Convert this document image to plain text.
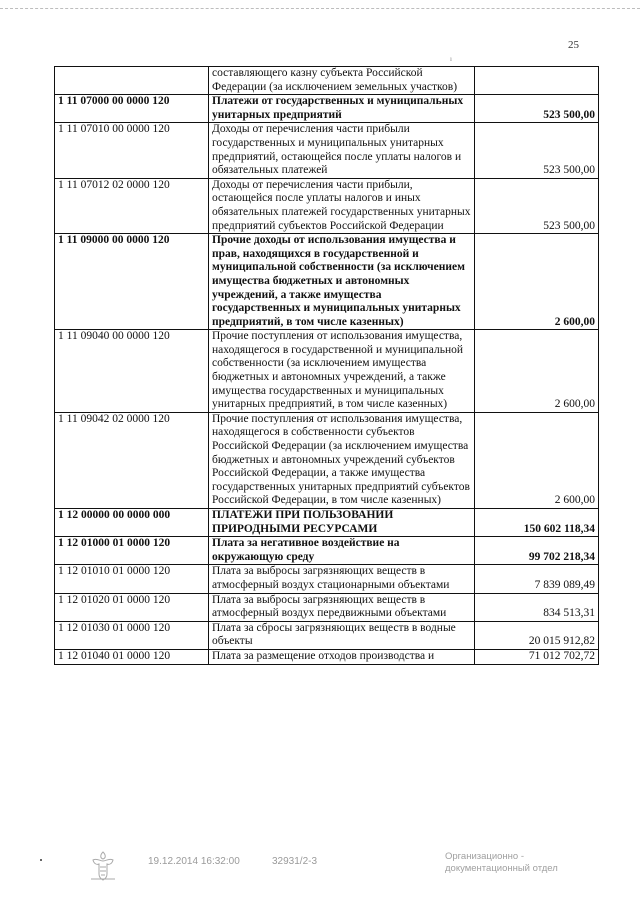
25
ı
	составляющего казну субъекта Российской Федерации (за исключением земельных участков)	
1 11 07000 00 0000 120	Платежи от государственных и муниципальных унитарных предприятий	523 500,00
1 11 07010 00 0000 120	Доходы от перечисления части прибыли государственных и муниципальных унитарных предприятий, остающейся после уплаты налогов и обязательных платежей	523 500,00
1 11 07012 02 0000 120	Доходы от перечисления части прибыли, остающейся после уплаты налогов и иных обязательных платежей государственных унитарных предприятий субъектов Российской Федерации	523 500,00
1 11 09000 00 0000 120	Прочие доходы от использования имущества и прав, находящихся в государственной и муниципальной собственности (за исключением имущества бюджетных и автономных учреждений, а также имущества государственных и муниципальных унитарных предприятий, в том числе казенных)	2 600,00
1 11 09040 00 0000 120	Прочие поступления от использования имущества, находящегося в государственной и муниципальной собственности (за исключением имущества бюджетных и автономных учреждений, а также имущества государственных и муниципальных унитарных предприятий, в том числе казенных)	2 600,00
1 11 09042 02 0000 120	Прочие поступления от использования имущества, находящегося в собственности субъектов Российской Федерации (за исключением имущества бюджетных и автономных учреждений субъектов Российской Федерации, а также имущества государственных унитарных предприятий субъектов Российской Федерации, в том числе казенных)	2 600,00
1 12 00000 00 0000 000	ПЛАТЕЖИ ПРИ ПОЛЬЗОВАНИИ ПРИРОДНЫМИ РЕСУРСАМИ	150 602 118,34
1 12 01000 01 0000 120	Плата за негативное воздействие на окружающую среду	99 702 218,34
1 12 01010 01 0000 120	Плата за выбросы загрязняющих веществ в атмосферный воздух стационарными объектами	7 839 089,49
1 12 01020 01 0000 120	Плата за выбросы загрязняющих веществ в атмосферный воздух передвижными объектами	834 513,31
1 12 01030 01 0000 120	Плата за сбросы загрязняющих веществ в водные объекты	20 015 912,82
1 12 01040 01 0000 120	Плата за размещение отходов производства и	71 012 702,72
19.12.2014 16:32:00	32931/2-3	Организационно -
документационный отдел
